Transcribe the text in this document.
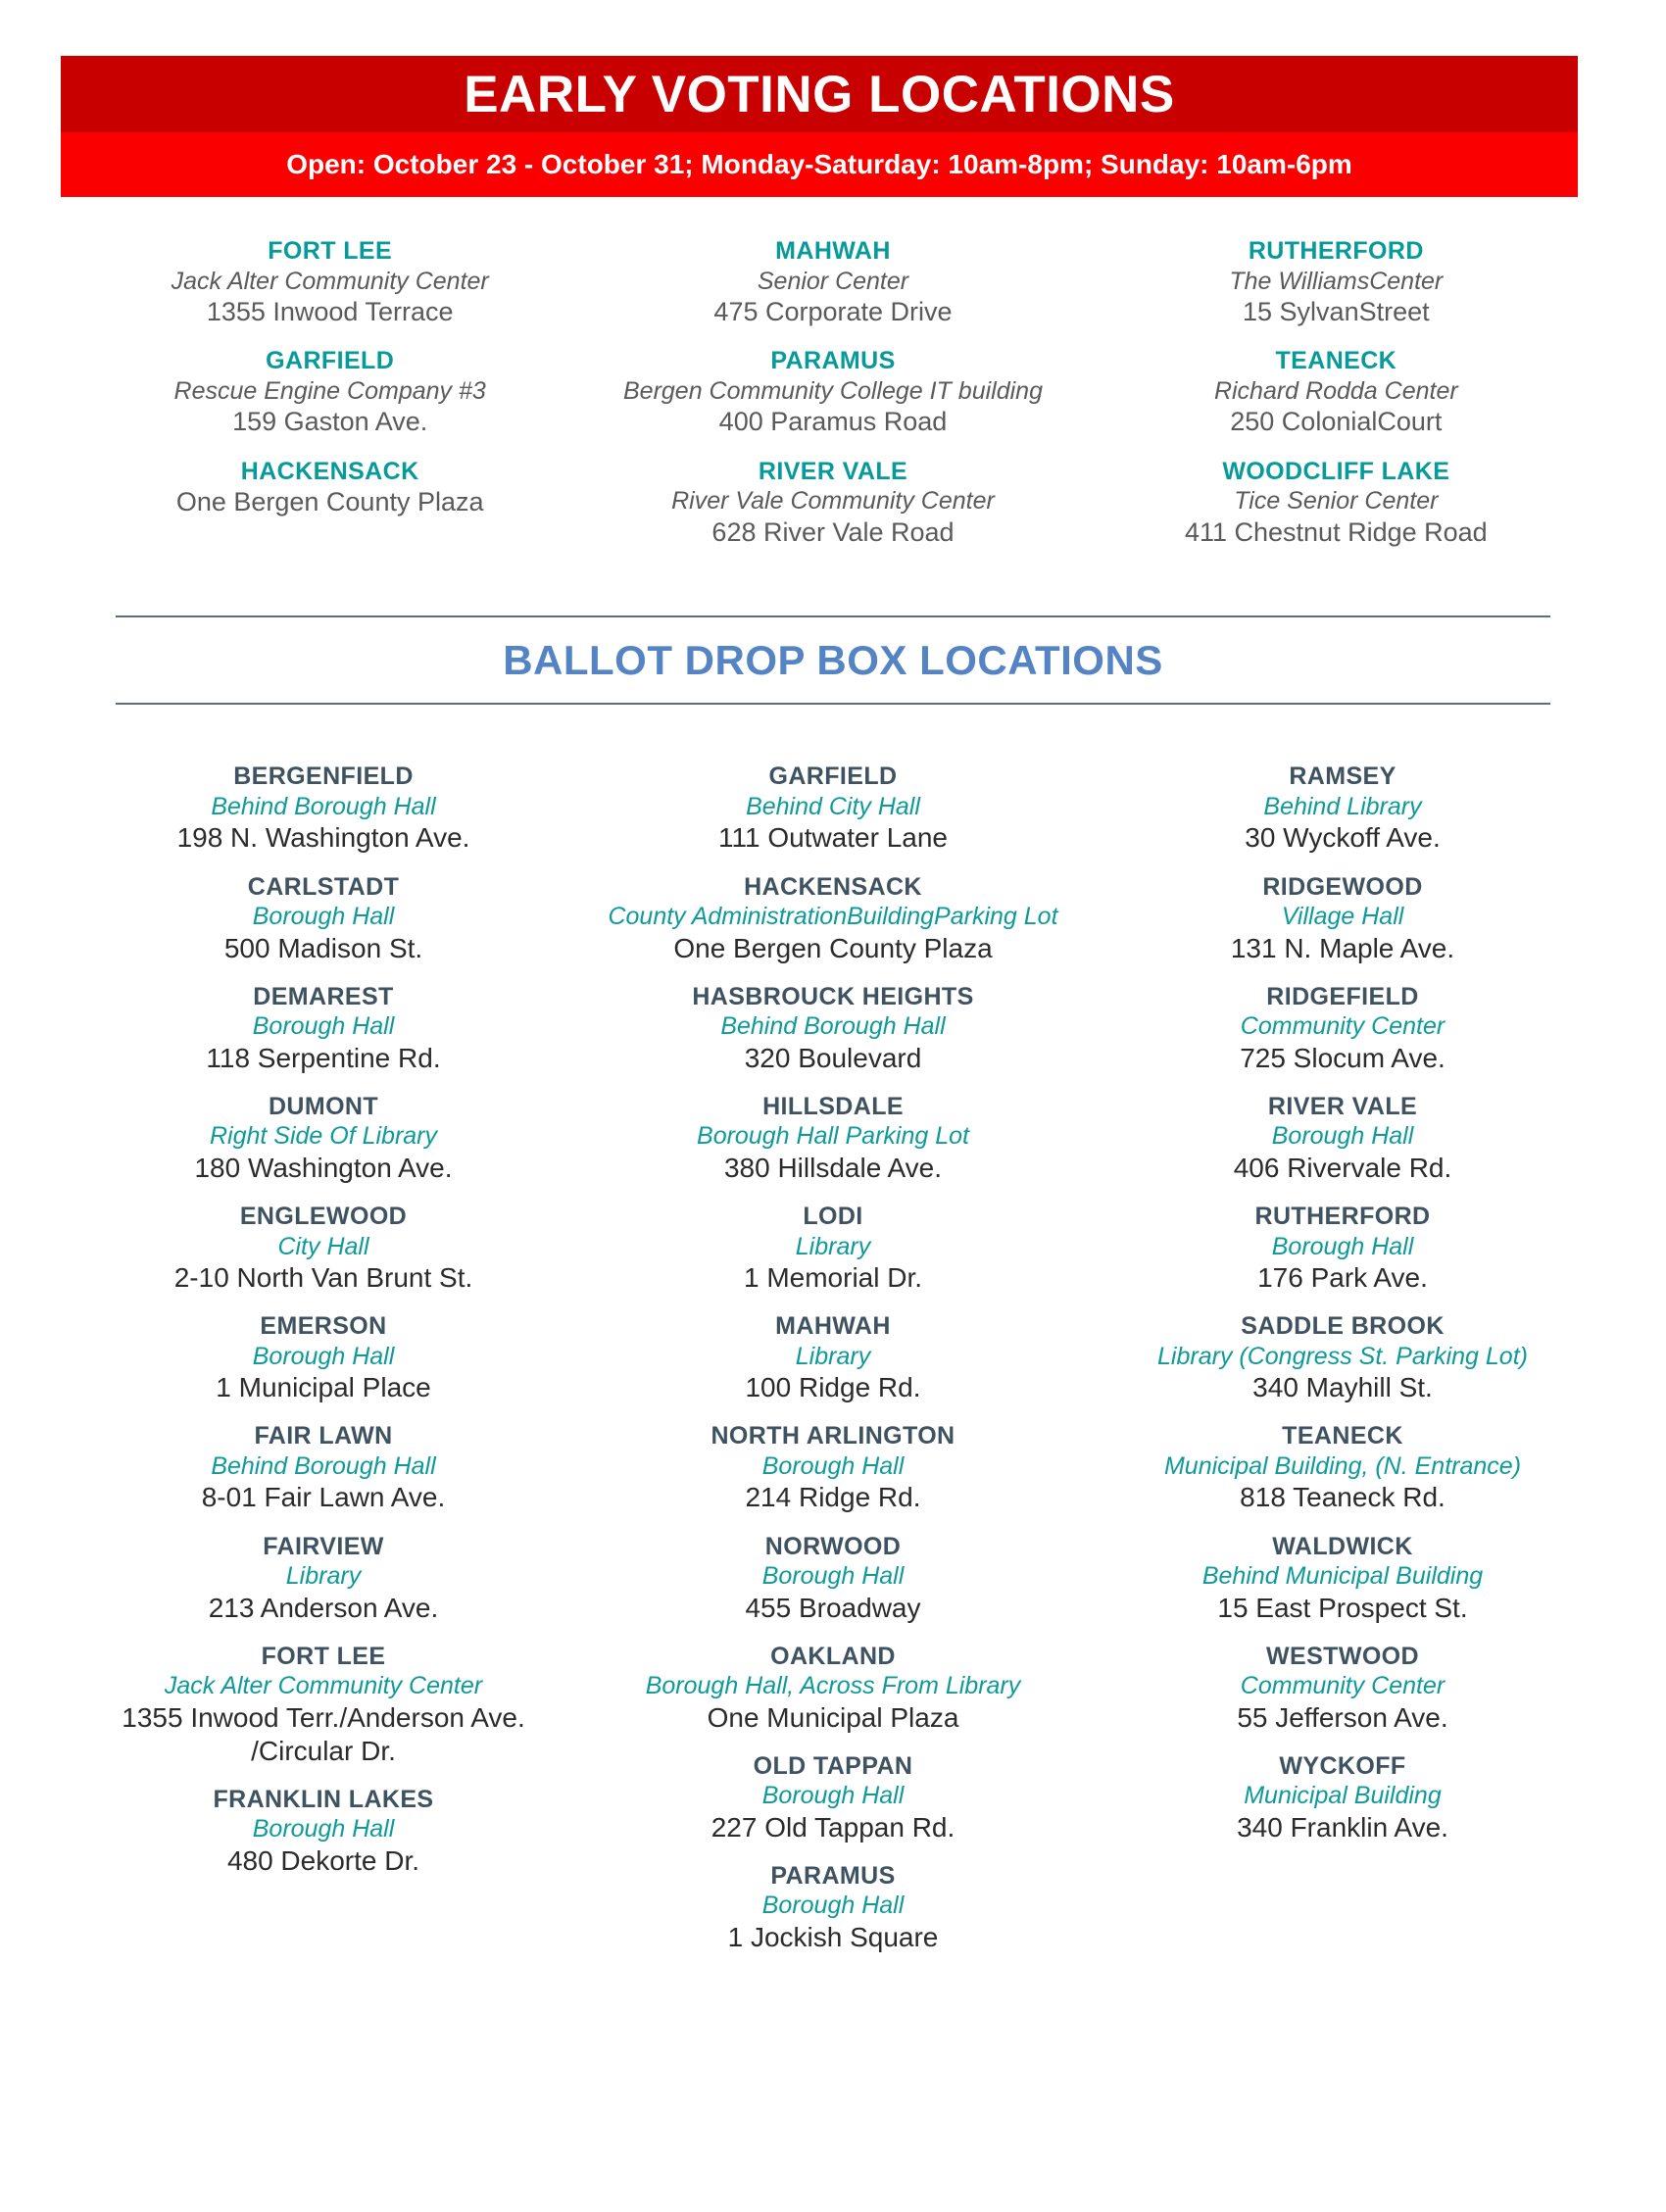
EARLY VOTING LOCATIONS
Open: October 23 - October 31; Monday-Saturday: 10am-8pm; Sunday: 10am-6pm
FORT LEE
Jack Alter Community Center
1355 Inwood Terrace
GARFIELD
Rescue Engine Company #3
159 Gaston Ave.
HACKENSACK
One Bergen County Plaza
MAHWAH
Senior Center
475 Corporate Drive
PARAMUS
Bergen Community College IT building
400 Paramus Road
RIVER VALE
River Vale Community Center
628 River Vale Road
RUTHERFORD
The WilliamsCenter
15 SylvanStreet
TEANECK
Richard Rodda Center
250 ColonialCourt
WOODCLIFF LAKE
Tice Senior Center
411 Chestnut Ridge Road
BALLOT DROP BOX LOCATIONS
BERGENFIELD
Behind Borough Hall
198 N. Washington Ave.
CARLSTADT
Borough Hall
500 Madison St.
DEMAREST
Borough Hall
118 Serpentine Rd.
DUMONT
Right Side Of Library
180 Washington Ave.
ENGLEWOOD
City Hall
2-10 North Van Brunt St.
EMERSON
Borough Hall
1 Municipal Place
FAIR LAWN
Behind Borough Hall
8-01 Fair Lawn Ave.
FAIRVIEW
Library
213 Anderson Ave.
FORT LEE
Jack Alter Community Center
1355 Inwood Terr./Anderson Ave.
/Circular Dr.
FRANKLIN LAKES
Borough Hall
480 Dekorte Dr.
GARFIELD
Behind City Hall
111 Outwater Lane
HACKENSACK
County AdministrationBuildingParking Lot
One Bergen County Plaza
HASBROUCK HEIGHTS
Behind Borough Hall
320 Boulevard
HILLSDALE
Borough Hall Parking Lot
380 Hillsdale Ave.
LODI
Library
1 Memorial Dr.
MAHWAH
Library
100 Ridge Rd.
NORTH ARLINGTON
Borough Hall
214 Ridge Rd.
NORWOOD
Borough Hall
455 Broadway
OAKLAND
Borough Hall, Across From Library
One Municipal Plaza
OLD TAPPAN
Borough Hall
227 Old Tappan Rd.
PARAMUS
Borough Hall
1 Jockish Square
RAMSEY
Behind Library
30 Wyckoff Ave.
RIDGEWOOD
Village Hall
131 N. Maple Ave.
RIDGEFIELD
Community Center
725 Slocum Ave.
RIVER VALE
Borough Hall
406 Rivervale Rd.
RUTHERFORD
Borough Hall
176 Park Ave.
SADDLE BROOK
Library (Congress St. Parking Lot)
340 Mayhill St.
TEANECK
Municipal Building, (N. Entrance)
818 Teaneck Rd.
WALDWICK
Behind Municipal Building
15 East Prospect St.
WESTWOOD
Community Center
55 Jefferson Ave.
WYCKOFF
Municipal Building
340 Franklin Ave.
